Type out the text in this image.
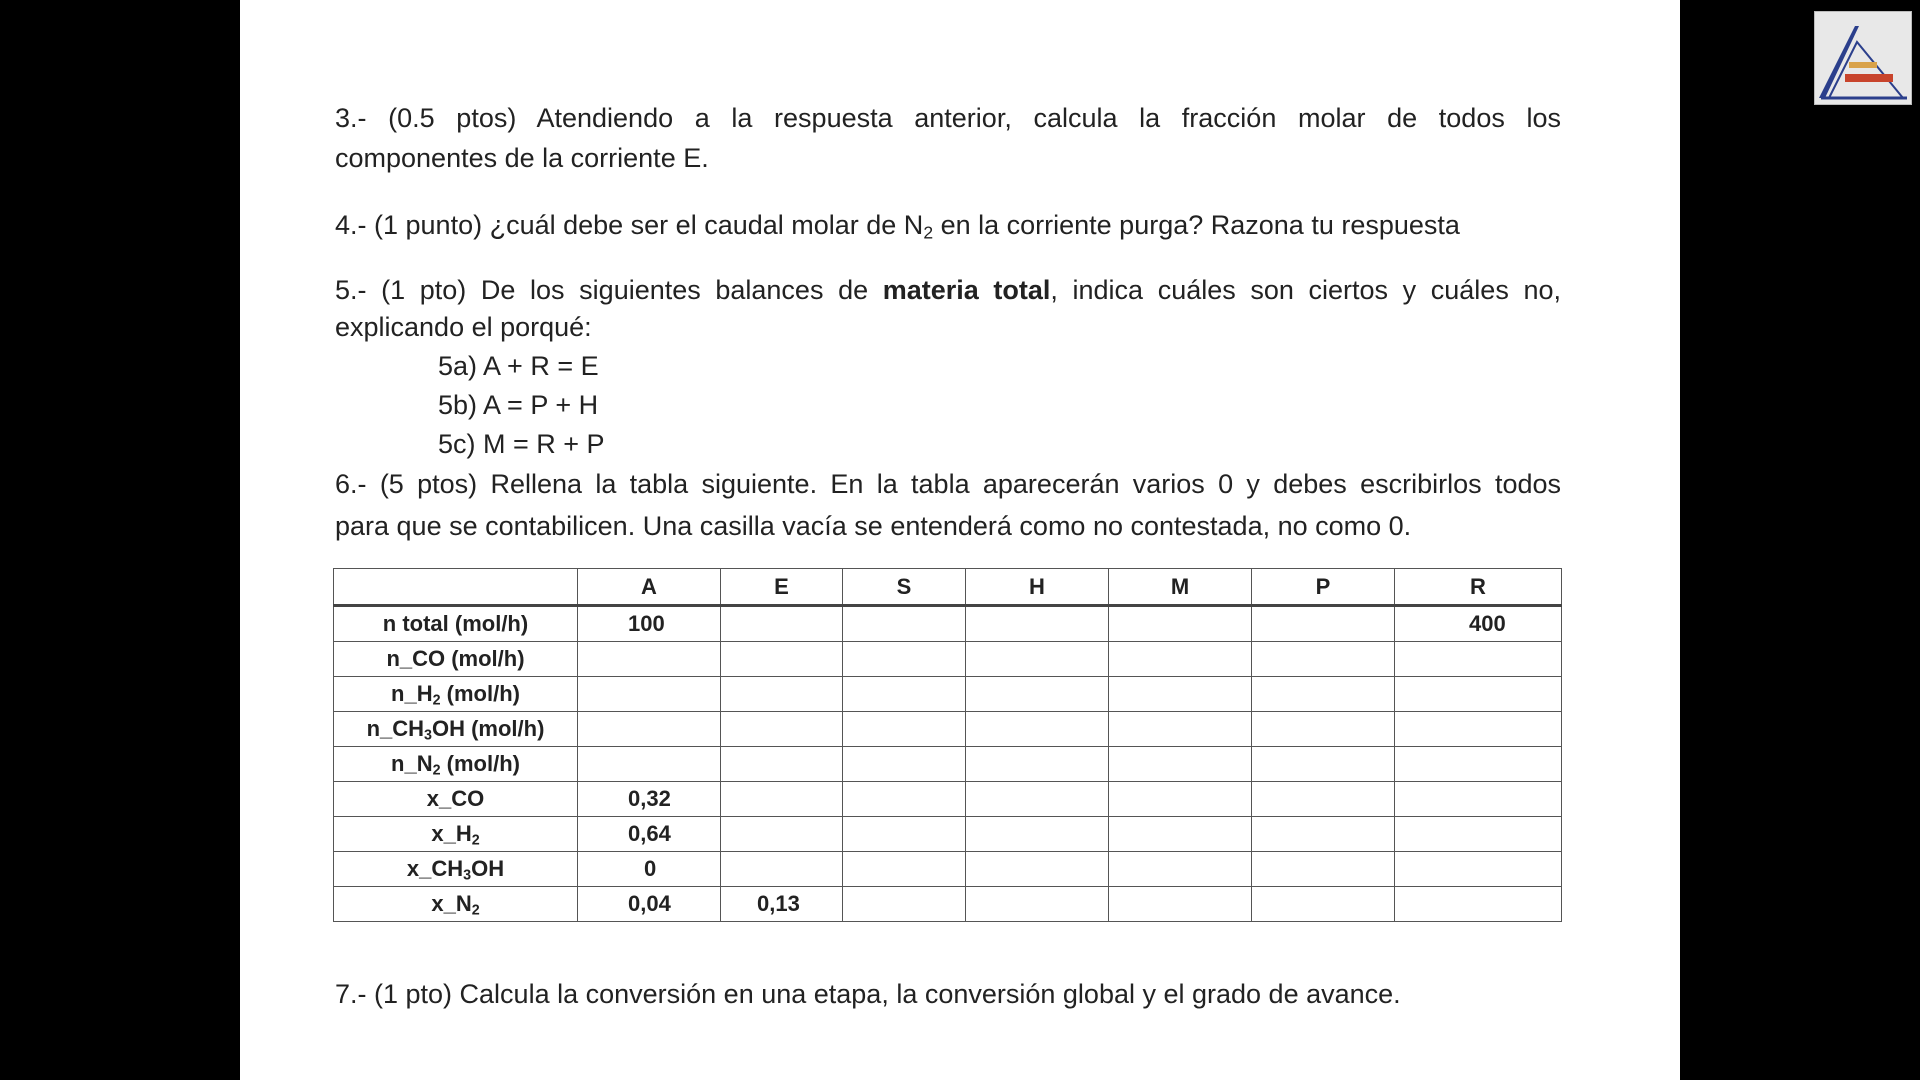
3.- (0.5 ptos) Atendiendo a la respuesta anterior, calcula la fracción molar de todos los

componentes de la corriente E.

4.- (1 punto) ¿cuál debe ser el caudal molar de $N_2$ en la corriente purga? Razona tu respuesta

5.- (1 pto) De los siguientes balances de materia total, indica cuáles son ciertos y cuáles no,

explicando el porqué:

5a) A + R = E
5b) A = P + H
5c) M = R + P

6.- (5 ptos) Rellena la tabla siguiente. En la tabla aparecerán varios 0 y debes escribirlos todos

para que se contabilicen. Una casilla vacía se entenderá como no contestada, no como 0.

	A	E	S	H	M	P	R
n total (mol/h)	100						400
n_CO (mol/h)							
$n\_H_2$ (mol/h)							
$n\_CH_3OH$ (mol/h)							
$n\_N_2$ (mol/h)							
x_CO	0,32						
$x\_H_2$	0,64						
$x\_CH_3OH$	0						
$x\_N_2$	0,04	0,13					

7.- (1 pto) Calcula la conversión en una etapa, la conversión global y el grado de avance.
